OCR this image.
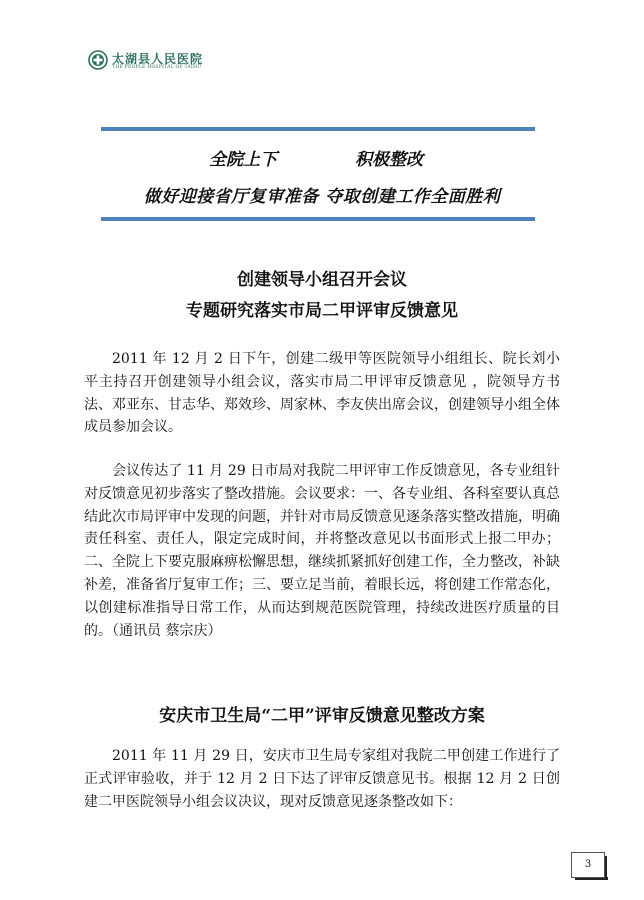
太湖县人民医院
THE PEOPLE HOSPITAL OF TAIHU
全院上下	积极整改
做好迎接省厅复审准备 夺取创建工作全面胜利
创建领导小组召开会议
专题研究落实市局二甲评审反馈意见
2011 年 12 月 2 日下午，创建二级甲等医院领导小组组长、院长刘小平主持召开创建领导小组会议，落实市局二甲评审反馈意见 ，院领导方书法、邓亚东、甘志华、郑效珍、周家林、李友侠出席会议，创建领导小组全体成员参加会议。
会议传达了 11 月 29 日市局对我院二甲评审工作反馈意见，各专业组针对反馈意见初步落实了整改措施。会议要求：一、各专业组、各科室要认真总结此次市局评审中发现的问题，并针对市局反馈意见逐条落实整改措施，明确责任科室、责任人，限定完成时间，并将整改意见以书面形式上报二甲办；二、全院上下要克服麻痹松懈思想，继续抓紧抓好创建工作，全力整改，补缺补差，准备省厅复审工作；三、要立足当前，着眼长远，将创建工作常态化，以创建标准指导日常工作，从而达到规范医院管理，持续改进医疗质量的目的。（通讯员 蔡宗庆）
安庆市卫生局“二甲”评审反馈意见整改方案
2011 年 11 月 29 日，安庆市卫生局专家组对我院二甲创建工作进行了正式评审验收，并于 12 月 2 日下达了评审反馈意见书。根据 12 月 2 日创建二甲医院领导小组会议决议，现对反馈意见逐条整改如下：
3
